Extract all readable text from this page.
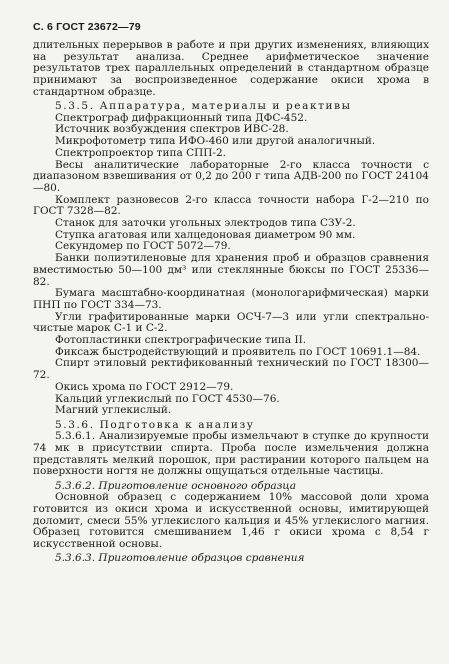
С. 6 ГОСТ 23672—79

длительных перерывов в работе и при других изменениях, влияющих на результат анализа. Среднее арифметическое значение результатов трех параллельных определений в стандартном образце принимают за воспроизведенное содержание окиси хрома в стандартном образце.

5.3.5. Аппаратура, материалы и реактивы

Спектрограф дифракционный типа ДФС-452.

Источник возбуждения спектров ИВС-28.

Микрофотометр типа ИФО-460 или другой аналогичный.

Спектропроектор типа СПП-2.

Весы аналитические лабораторные 2-го класса точности с диапазоном взвешивания от 0,2 до 200 г типа АДВ-200 по ГОСТ 24104—80.

Комплект разновесов 2-го класса точности набора Г-2—210 по ГОСТ 7328—82.

Станок для заточки угольных электродов типа СЗУ-2.

Ступка агатовая или халцедоновая диаметром 90 мм.

Секундомер по ГОСТ 5072—79.

Банки полиэтиленовые для хранения проб и образцов сравнения вместимостью 50—100 дм³ или стеклянные бюксы по ГОСТ 25336—82.

Бумага масштабно-координатная (монологарифмическая) марки ПНП по ГОСТ 334—73.

Угли графитированные марки ОСЧ-7—3 или угли спектрально-чистые марок С-1 и С-2.

Фотопластинки спектрографические типа II.

Фиксаж быстродействующий и проявитель по ГОСТ 10691.1—84.

Спирт этиловый ректификованный технический по ГОСТ 18300—72.

Окись хрома по ГОСТ 2912—79.

Кальций углекислый по ГОСТ 4530—76.

Магний углекислый.

5.3.6. Подготовка к анализу

5.3.6.1. Анализируемые пробы измельчают в ступке до крупности 74 мк в присутствии спирта. Проба после измельчения должна представлять мелкий порошок, при растирании которого пальцем на поверхности ногтя не должны ощущаться отдельные частицы.

5.3.6.2. Приготовление основного образца

Основной образец с содержанием 10% массовой доли хрома готовится из окиси хрома и искусственной основы, имитирующей доломит, смеси 55% углекислого кальция и 45% углекислого магния. Образец готовится смешиванием 1,46 г окиси хрома с 8,54 г искусственной основы.

5.3.6.3. Приготовление образцов сравнения
